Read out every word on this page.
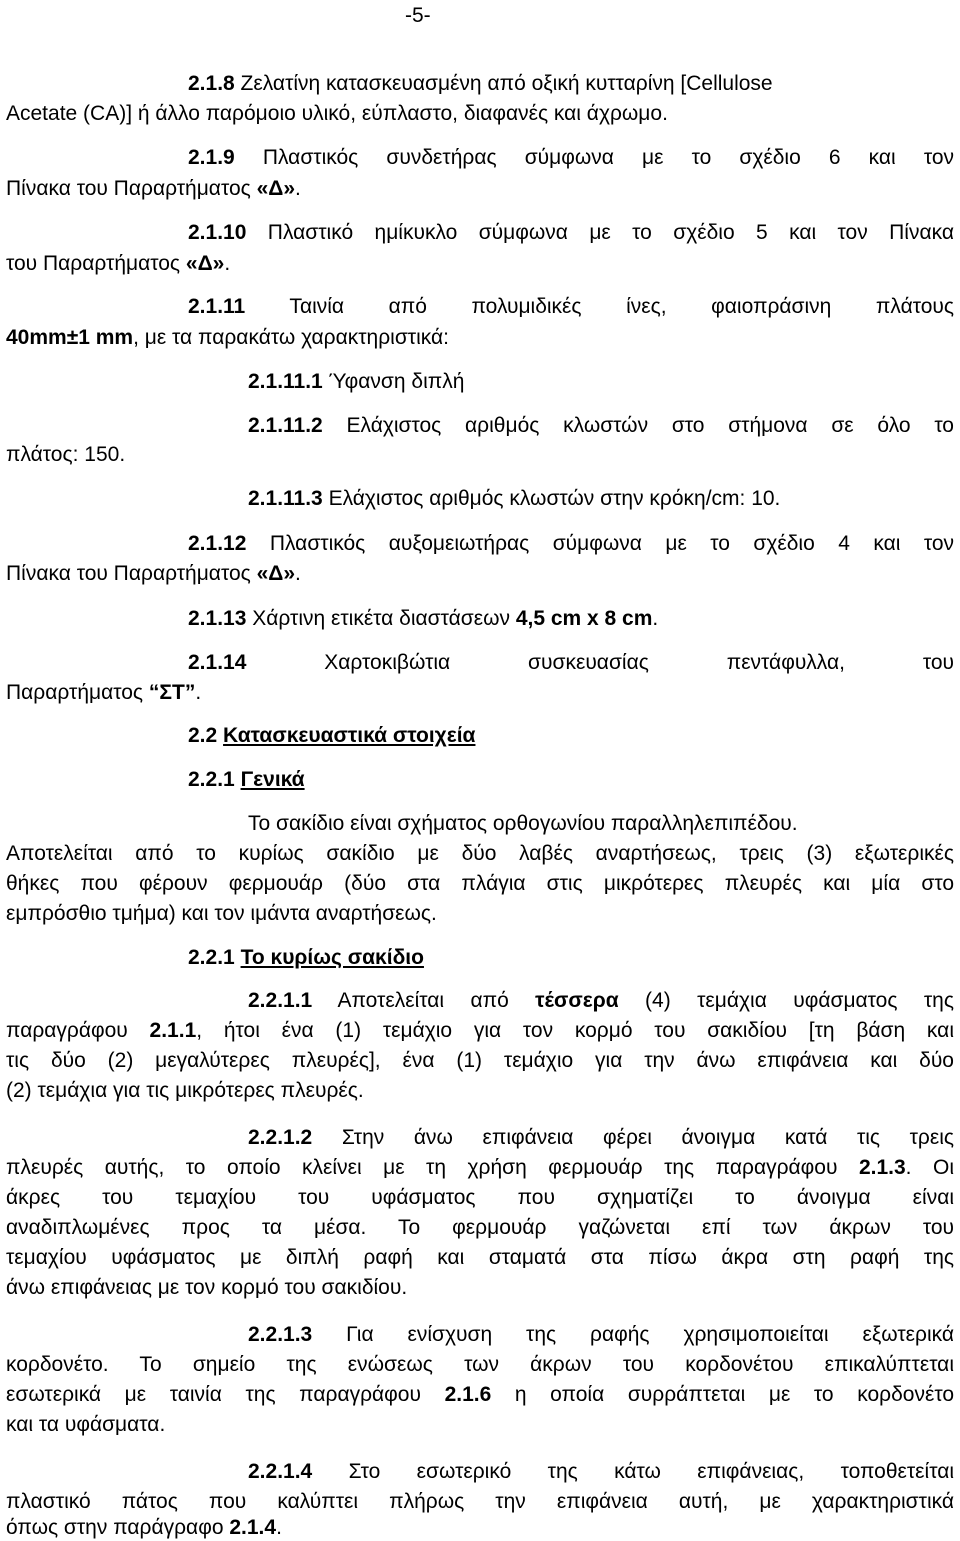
-5-
2.1.8 Ζελατίνη κατασκευασμένη από οξική κυτταρίνη [Cellulose
Acetate (CA)] ή άλλο παρόμοιο υλικό, εύπλαστο, διαφανές και άχρωμο.
2.1.9 Πλαστικός συνδετήρας σύμφωνα με το σχέδιο 6 και τον
Πίνακα του Παραρτήματος «Δ».
2.1.10 Πλαστικό ημίκυκλο σύμφωνα με το σχέδιο 5 και τον Πίνακα
του Παραρτήματος «Δ».
2.1.11 Ταινία από πολυμιδικές ίνες, φαιοπράσινη πλάτους
40mm±1 mm, με τα παρακάτω χαρακτηριστικά:
2.1.11.1 Ύφανση διπλή
2.1.11.2 Ελάχιστος αριθμός κλωστών στο στήμονα σε όλο το
πλάτος: 150.
2.1.11.3 Ελάχιστος αριθμός κλωστών στην κρόκη/cm: 10.
2.1.12 Πλαστικός αυξομειωτήρας σύμφωνα με το σχέδιο 4 και τον
Πίνακα του Παραρτήματος «Δ».
2.1.13 Χάρτινη ετικέτα διαστάσεων 4,5 cm x 8 cm.
2.1.14 Χαρτοκιβώτια συσκευασίας πεντάφυλλα, του
Παραρτήματος “ΣΤ”.
2.2 Κατασκευαστικά στοιχεία
2.2.1 Γενικά
Το σακίδιο είναι σχήματος ορθογωνίου παραλληλεπιπέδου.
Αποτελείται από το κυρίως σακίδιο με δύο λαβές αναρτήσεως, τρεις (3) εξωτερικές
θήκες που φέρουν φερμουάρ (δύο στα πλάγια στις μικρότερες πλευρές και μία στο
εμπρόσθιο τμήμα) και τον ιμάντα αναρτήσεως.
2.2.1 Το κυρίως σακίδιο
2.2.1.1 Αποτελείται από τέσσερα (4) τεμάχια υφάσματος της
παραγράφου 2.1.1, ήτοι ένα (1) τεμάχιο για τον κορμό του σακιδίου [τη βάση και
τις δύο (2) μεγαλύτερες πλευρές], ένα (1) τεμάχιο για την άνω επιφάνεια και δύο
(2) τεμάχια για τις μικρότερες πλευρές.
2.2.1.2 Στην άνω επιφάνεια φέρει άνοιγμα κατά τις τρεις
πλευρές αυτής, το οποίο κλείνει με τη χρήση φερμουάρ της παραγράφου 2.1.3. Οι
άκρες του τεμαχίου του υφάσματος που σχηματίζει το άνοιγμα είναι
αναδιπλωμένες προς τα μέσα. Το φερμουάρ γαζώνεται επί των άκρων του
τεμαχίου υφάσματος με διπλή ραφή και σταματά στα πίσω άκρα στη ραφή της
άνω επιφάνειας με τον κορμό του σακιδίου.
2.2.1.3 Για ενίσχυση της ραφής χρησιμοποιείται εξωτερικά
κορδονέτο. Το σημείο της ενώσεως των άκρων του κορδονέτου επικαλύπτεται
εσωτερικά με ταινία της παραγράφου 2.1.6 η οποία συρράπτεται με το κορδονέτο
και τα υφάσματα.
2.2.1.4 Στο εσωτερικό της κάτω επιφάνειας, τοποθετείται
πλαστικό πάτος που καλύπτει πλήρως την επιφάνεια αυτή, με χαρακτηριστικά
όπως στην παράγραφο 2.1.4.
